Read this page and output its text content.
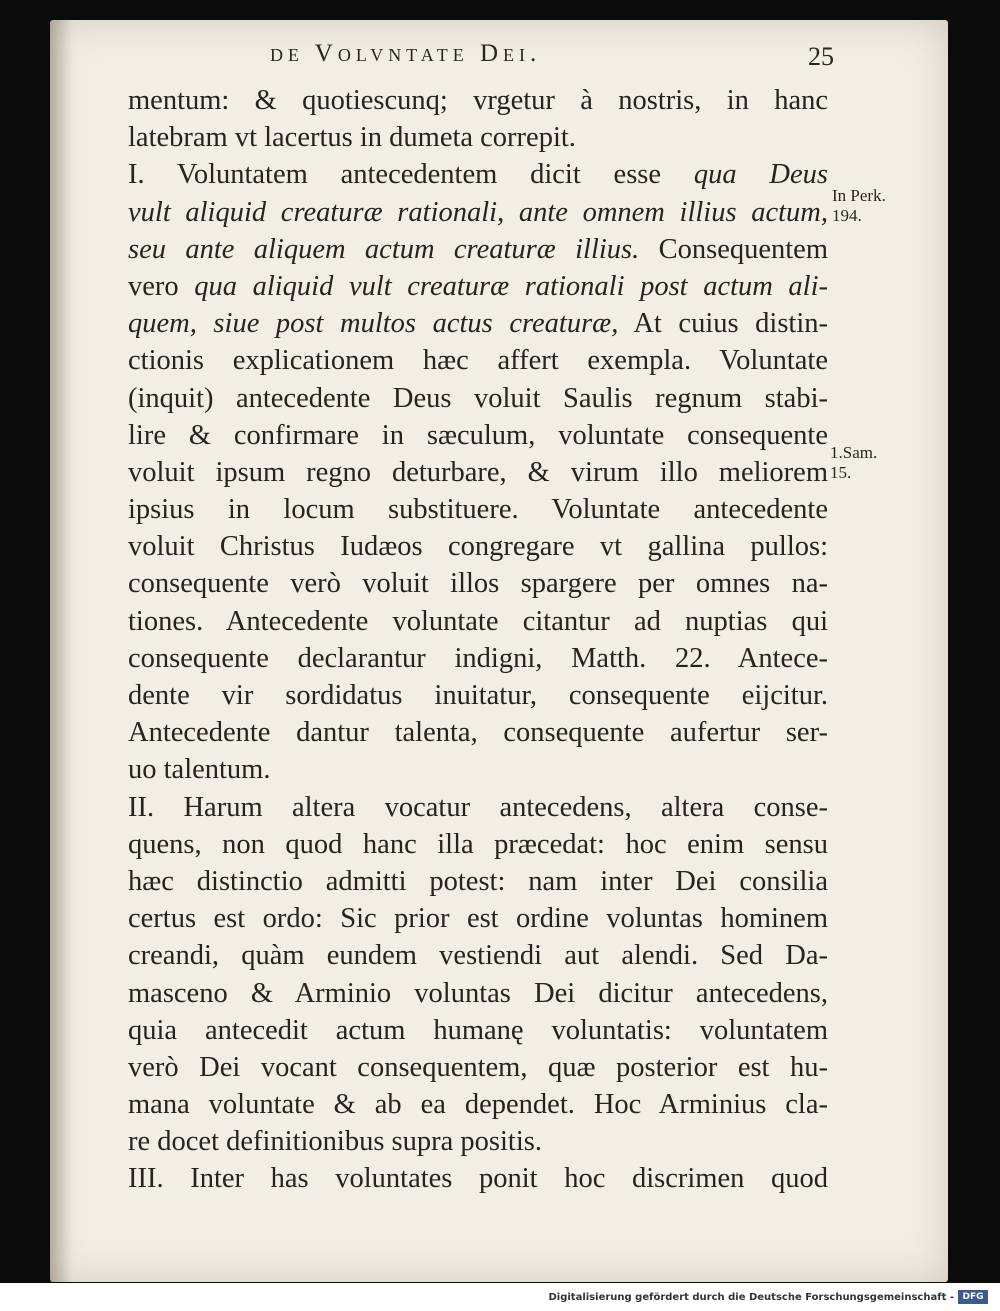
de Volvntate Dei.	25
mentum: & quotiescunq; vrgetur à nostris, in hanc
latebram vt lacertus in dumeta correpit.
I. Voluntatem antecedentem dicit esse qua Deus
vult aliquid creaturæ rationali, ante omnem illius actum,
seu ante aliquem actum creaturæ illius. Consequentem
vero qua aliquid vult creaturæ rationali post actum ali-
quem, siue post multos actus creaturæ, At cuius distin-
ctionis explicationem hæc affert exempla. Voluntate
(inquit) antecedente Deus voluit Saulis regnum stabi-
lire & confirmare in sæculum, voluntate consequente
voluit ipsum regno deturbare, & virum illo meliorem
ipsius in locum substituere. Voluntate antecedente
voluit Christus Iudæos congregare vt gallina pullos:
consequente verò voluit illos spargere per omnes na-
tiones. Antecedente voluntate citantur ad nuptias qui
consequente declarantur indigni, Matth. 22. Antece-
dente vir sordidatus inuitatur, consequente eijcitur.
Antecedente dantur talenta, consequente aufertur ser-
uo talentum.
II. Harum altera vocatur antecedens, altera conse-
quens, non quod hanc illa præcedat: hoc enim sensu
hæc distinctio admitti potest: nam inter Dei consilia
certus est ordo: Sic prior est ordine voluntas hominem
creandi, quàm eundem vestiendi aut alendi. Sed Da-
masceno & Arminio voluntas Dei dicitur antecedens,
quia antecedit actum humanę voluntatis: voluntatem
verò Dei vocant consequentem, quæ posterior est hu-
mana voluntate & ab ea dependet. Hoc Arminius cla-
re docet definitionibus supra positis.
III. Inter has voluntates ponit hoc discrimen quod
In Perk.
194.
1.Sam.
15.
Digitalisierung gefördert durch die Deutsche Forschungsgemeinschaft - DFG
